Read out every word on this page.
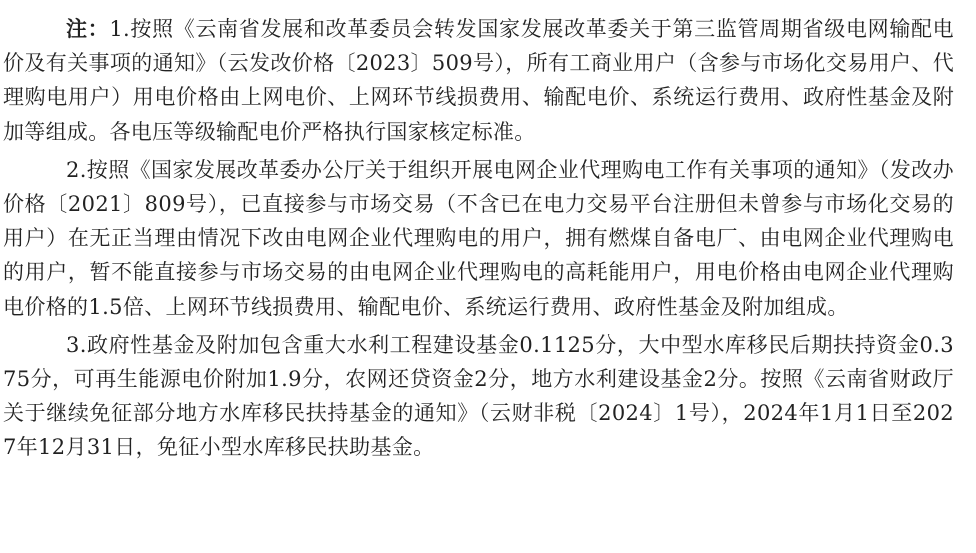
注：1.按照《云南省发展和改革委员会转发国家发展改革委关于第三监管周期省级电网输配电价及有关事项的通知》（云发改价格〔2023〕509号），所有工商业用户（含参与市场化交易用户、代理购电用户）用电价格由上网电价、上网环节线损费用、输配电价、系统运行费用、政府性基金及附加等组成。各电压等级输配电价严格执行国家核定标准。

2.按照《国家发展改革委办公厅关于组织开展电网企业代理购电工作有关事项的通知》（发改办价格〔2021〕809号），已直接参与市场交易（不含已在电力交易平台注册但未曾参与市场化交易的用户）在无正当理由情况下改由电网企业代理购电的用户，拥有燃煤自备电厂、由电网企业代理购电的用户，暂不能直接参与市场交易的由电网企业代理购电的高耗能用户，用电价格由电网企业代理购电价格的1.5倍、上网环节线损费用、输配电价、系统运行费用、政府性基金及附加组成。

3.政府性基金及附加包含重大水利工程建设基金0.1125分，大中型水库移民后期扶持资金0.375分，可再生能源电价附加1.9分，农网还贷资金2分，地方水利建设基金2分。按照《云南省财政厅关于继续免征部分地方水库移民扶持基金的通知》（云财非税〔2024〕1号），2024年1月1日至2027年12月31日，免征小型水库移民扶助基金。
